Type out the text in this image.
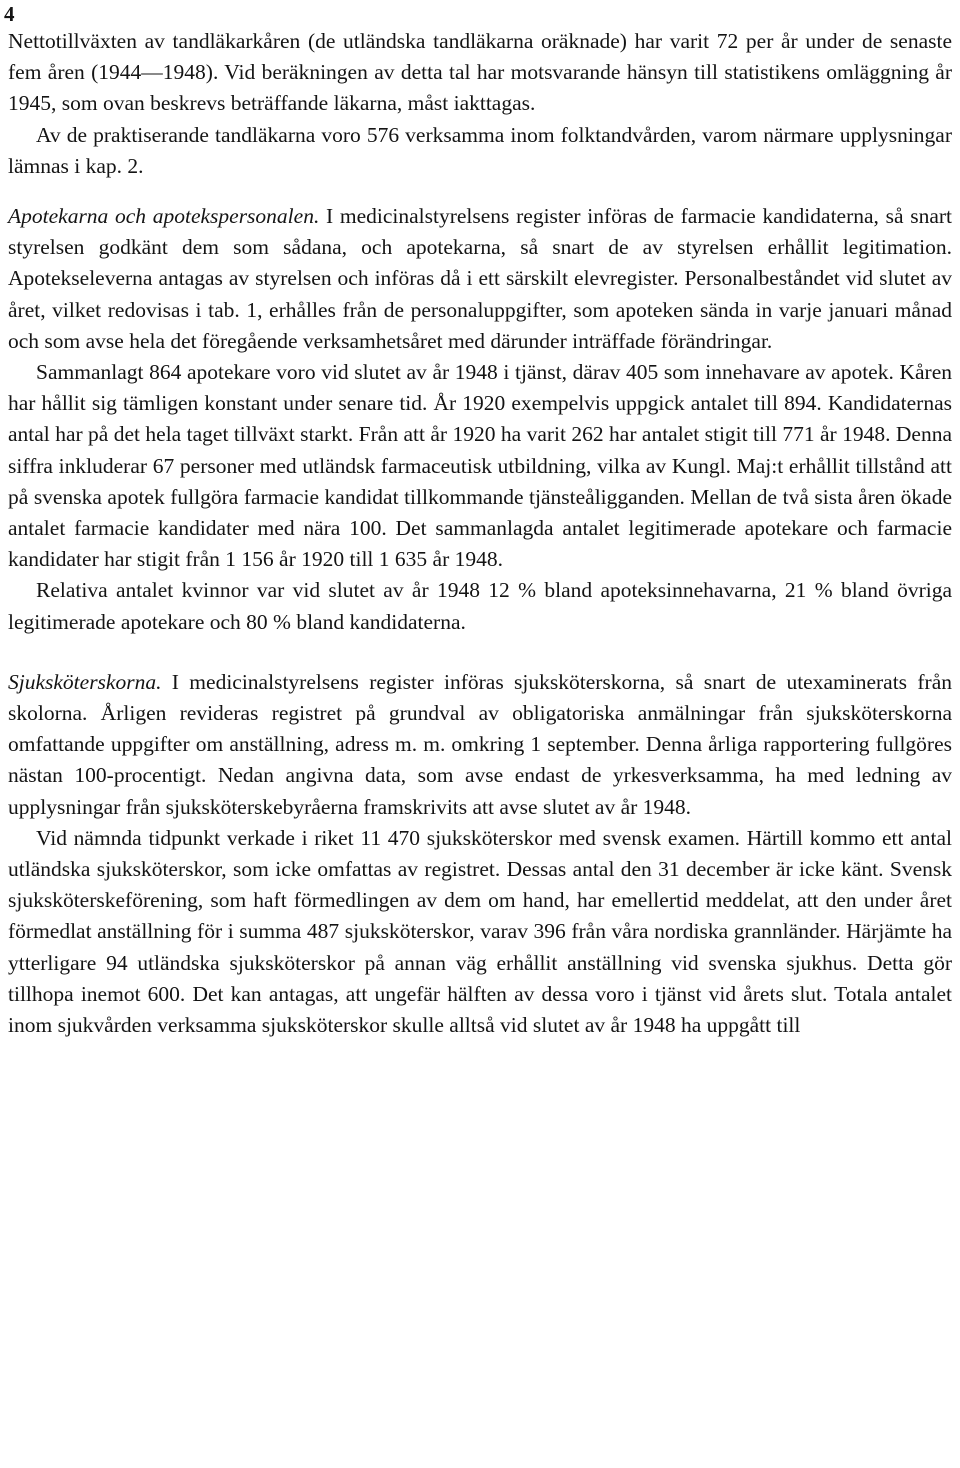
4

Nettotillväxten av tandläkarkåren (de utländska tandläkarna oräknade) har varit 72 per år under de senaste fem åren (1944—1948). Vid beräkningen av detta tal har motsvarande hänsyn till statistikens omläggning år 1945, som ovan beskrevs beträffande läkarna, måst iakttagas.

Av de praktiserande tandläkarna voro 576 verksamma inom folktandvården, varom närmare upplysningar lämnas i kap. 2.

Apotekarna och apotekspersonalen. I medicinalstyrelsens register införas de farmacie kandidaterna, så snart styrelsen godkänt dem som sådana, och apotekarna, så snart de av styrelsen erhållit legitimation. Apotekseleverna antagas av styrelsen och införas då i ett särskilt elevregister. Personalbeståndet vid slutet av året, vilket redovisas i tab. 1, erhålles från de personaluppgifter, som apoteken sända in varje januari månad och som avse hela det föregående verksamhetsåret med därunder inträffade förändringar.

Sammanlagt 864 apotekare voro vid slutet av år 1948 i tjänst, därav 405 som innehavare av apotek. Kåren har hållit sig tämligen konstant under senare tid. År 1920 exempelvis uppgick antalet till 894. Kandidaternas antal har på det hela taget tillväxt starkt. Från att år 1920 ha varit 262 har antalet stigit till 771 år 1948. Denna siffra inkluderar 67 personer med utländsk farmaceutisk utbildning, vilka av Kungl. Maj:t erhållit tillstånd att på svenska apotek fullgöra farmacie kandidat tillkommande tjänsteåligganden. Mellan de två sista åren ökade antalet farmacie kandidater med nära 100. Det sammanlagda antalet legitimerade apotekare och farmacie kandidater har stigit från 1 156 år 1920 till 1 635 år 1948.

Relativa antalet kvinnor var vid slutet av år 1948 12 % bland apoteksinnehavarna, 21 % bland övriga legitimerade apotekare och 80 % bland kandidaterna.

Sjuksköterskorna. I medicinalstyrelsens register införas sjuksköterskorna, så snart de utexaminerats från skolorna. Årligen revideras registret på grundval av obligatoriska anmälningar från sjuksköterskorna omfattande uppgifter om anställning, adress m. m. omkring 1 september. Denna årliga rapportering fullgöres nästan 100-procentigt. Nedan angivna data, som avse endast de yrkesverksamma, ha med ledning av upplysningar från sjuksköterskebyråerna framskrivits att avse slutet av år 1948.

Vid nämnda tidpunkt verkade i riket 11 470 sjuksköterskor med svensk examen. Härtill kommo ett antal utländska sjuksköterskor, som icke omfattas av registret. Dessas antal den 31 december är icke känt. Svensk sjuksköterskeförening, som haft förmedlingen av dem om hand, har emellertid meddelat, att den under året förmedlat anställning för i summa 487 sjuksköterskor, varav 396 från våra nordiska grannländer. Härjämte ha ytterligare 94 utländska sjuksköterskor på annan väg erhållit anställning vid svenska sjukhus. Detta gör tillhopa inemot 600. Det kan antagas, att ungefär hälften av dessa voro i tjänst vid årets slut. Totala antalet inom sjukvården verksamma sjuksköterskor skulle alltså vid slutet av år 1948 ha uppgått till
